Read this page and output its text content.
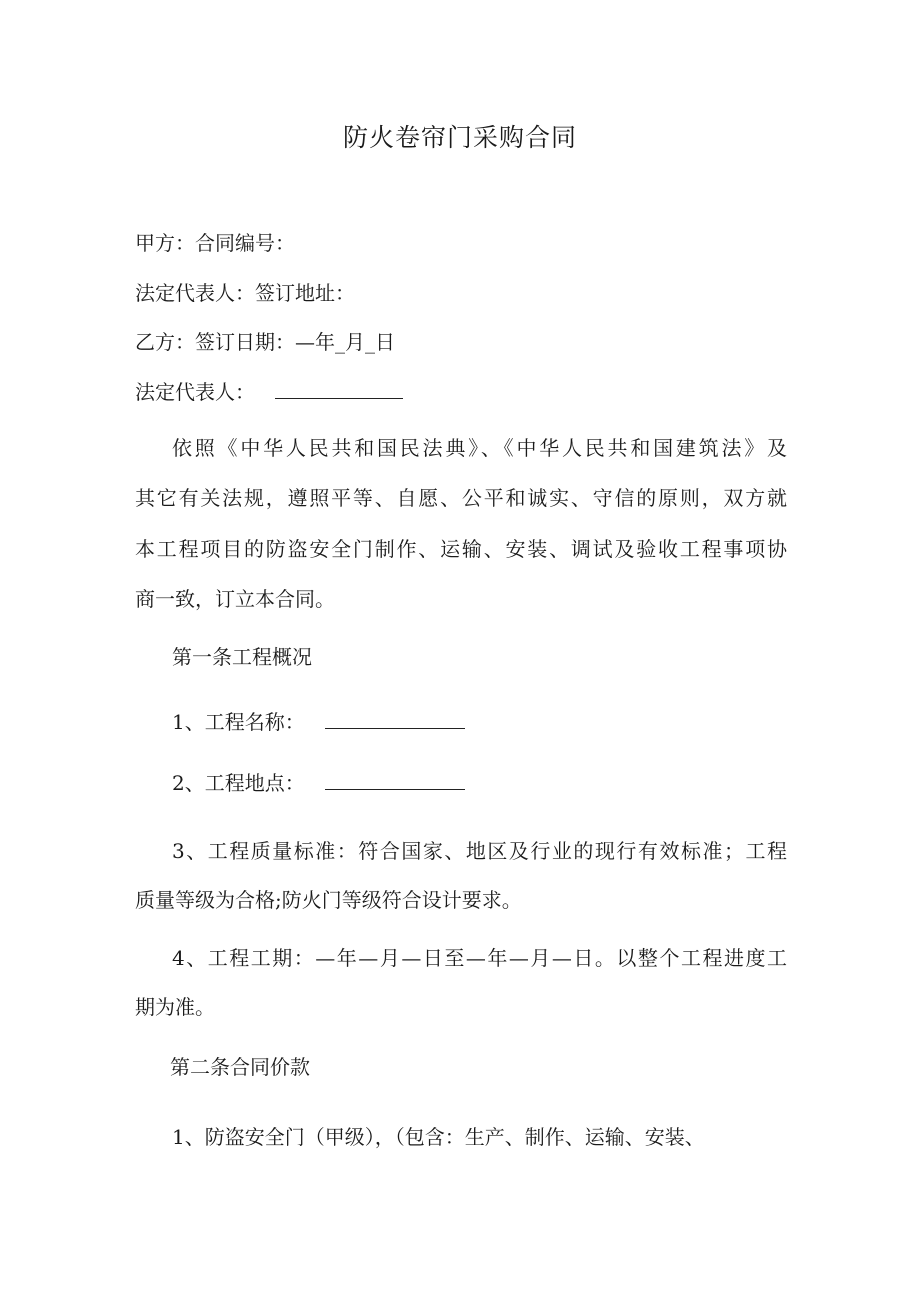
防火卷帘门采购合同
甲方：合同编号：
法定代表人：签订地址：
乙方：签订日期：—年_月_日
法定代表人：
依照《中华人民共和国民法典》、《中华人民共和国建筑法》及
其它有关法规，遵照平等、自愿、公平和诚实、守信的原则，双方就
本工程项目的防盗安全门制作、运输、安装、调试及验收工程事项协
商一致，订立本合同。
第一条工程概况
1、工程名称：
2、工程地点：
3、工程质量标准：符合国家、地区及行业的现行有效标准；工程
质量等级为合格;防火门等级符合设计要求。
4、工程工期：—年—月—日至—年—月—日。以整个工程进度工
期为准。
第二条合同价款
1、防盗安全门（甲级），（包含：生产、制作、运输、安装、
